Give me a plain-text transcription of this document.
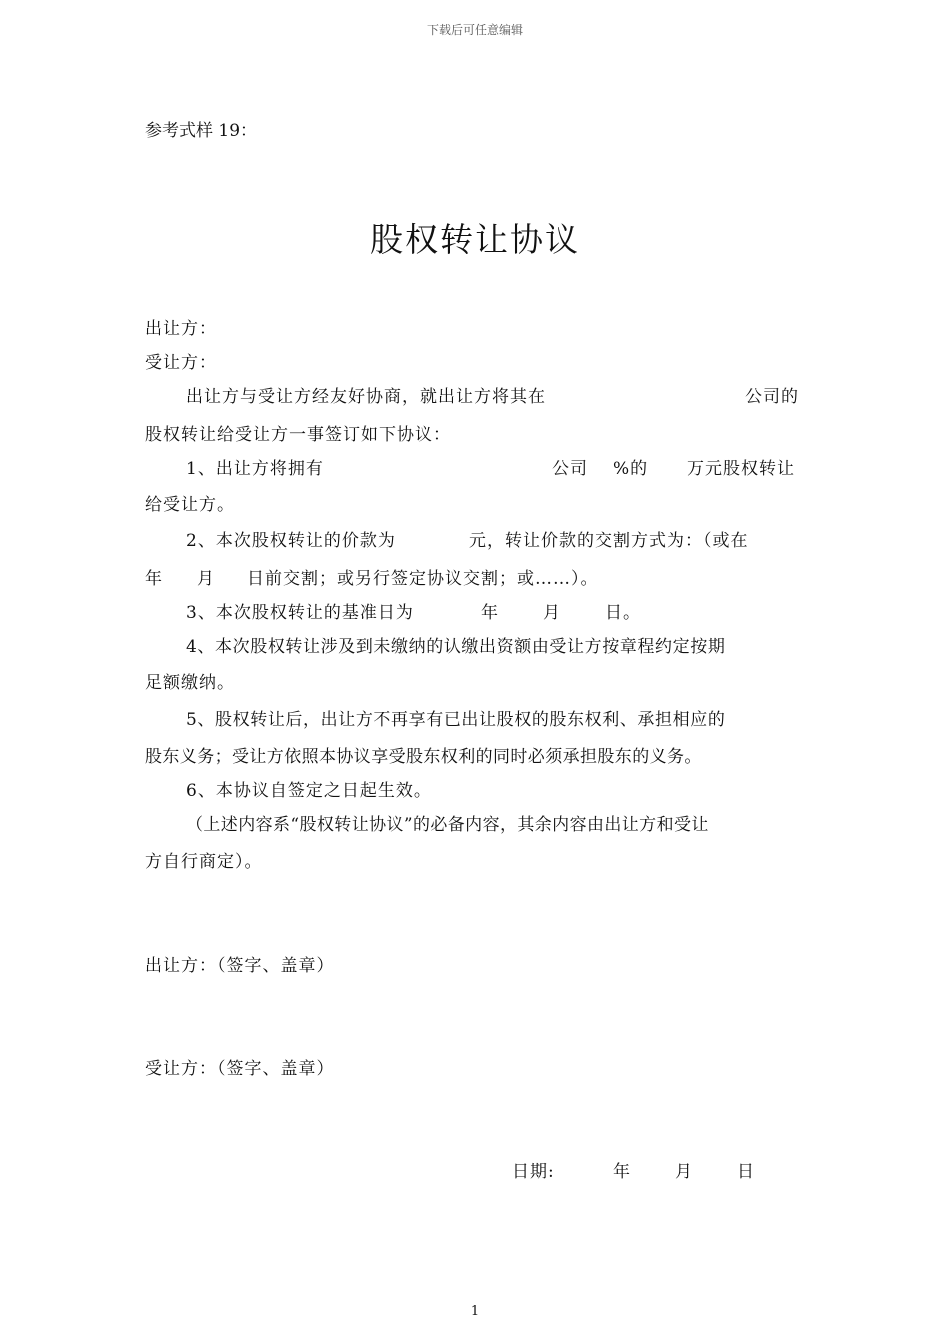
下载后可任意编辑
参考式样 19：
股权转让协议
出让方：
受让方：
出让方与受让方经友好协商，就出让方将其在	公司的
股权转让给受让方一事签订如下协议：
1、出让方将拥有	公司 %的 万元股权转让
给受让方。
2、本次股权转让的价款为	元，转让价款的交割方式为：（或在
年 月 日前交割；或另行签定协议交割；或……）。
3、本次股权转让的基准日为	年	月	日。
4、本次股权转让涉及到未缴纳的认缴出资额由受让方按章程约定按期
足额缴纳。
5、股权转让后，出让方不再享有已出让股权的股东权利、承担相应的
股东义务；受让方依照本协议享受股东权利的同时必须承担股东的义务。
6、本协议自签定之日起生效。
（上述内容系“股权转让协议”的必备内容，其余内容由出让方和受让
方自行商定）。
出让方：（签字、盖章）
受让方：（签字、盖章）
日期:	年	月	日
1
